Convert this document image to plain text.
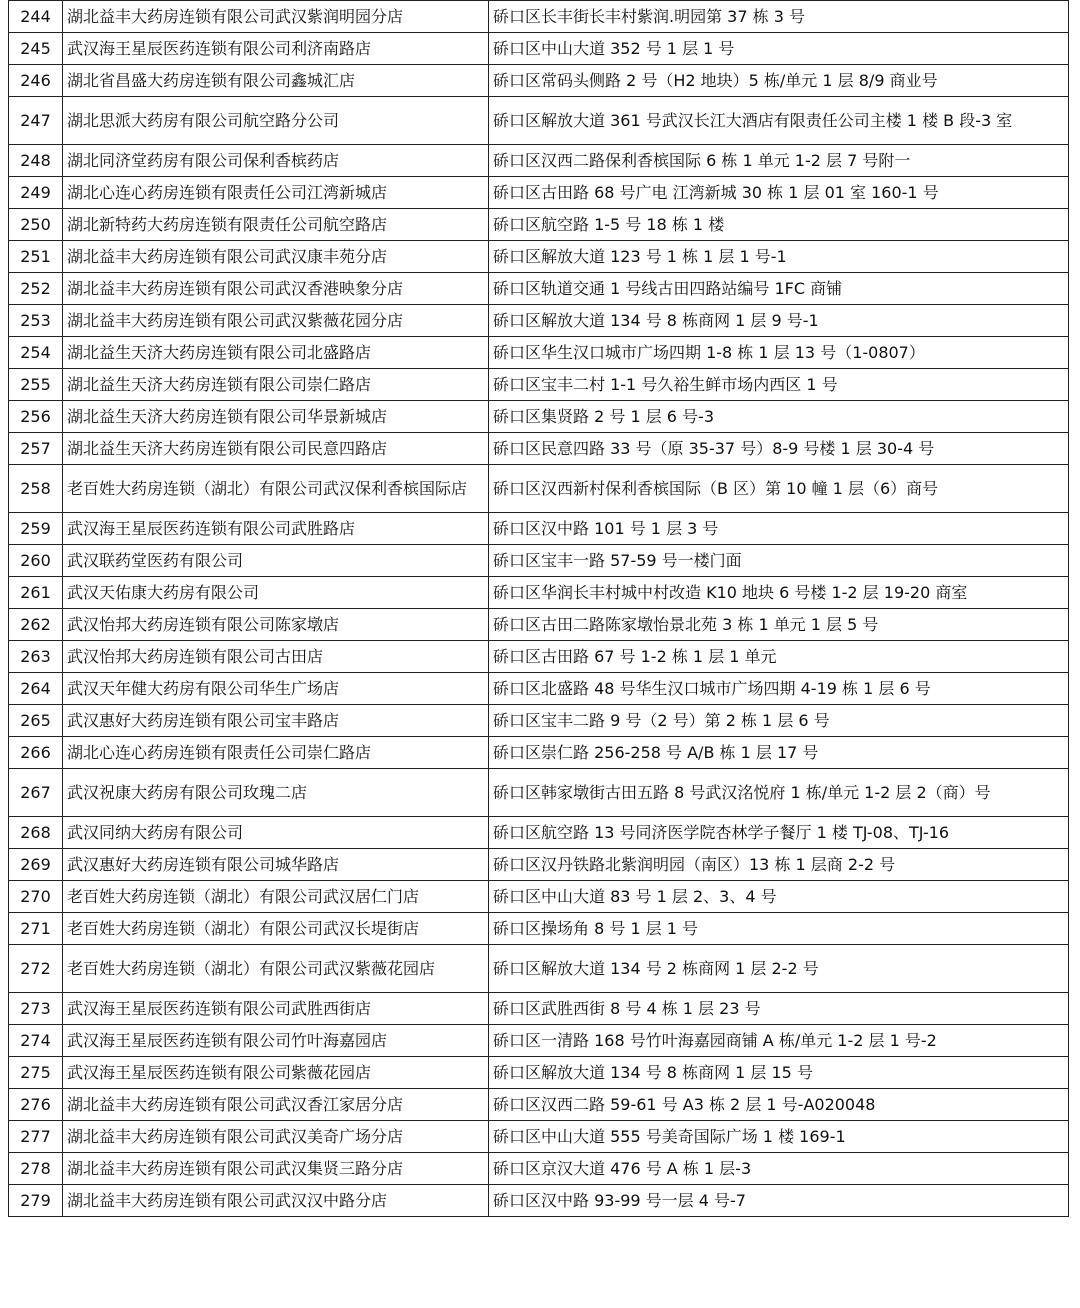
244	湖北益丰大药房连锁有限公司武汉紫润明园分店	硚口区长丰街长丰村紫润.明园第 37 栋 3 号
245	武汉海王星辰医药连锁有限公司利济南路店	硚口区中山大道 352 号 1 层 1 号
246	湖北省昌盛大药房连锁有限公司鑫城汇店	硚口区常码头侧路 2 号（H2 地块）5 栋/单元 1 层 8/9 商业号
247	湖北思派大药房有限公司航空路分公司	硚口区解放大道 361 号武汉长江大酒店有限责任公司主楼 1 楼 B 段-3 室
248	湖北同济堂药房有限公司保利香槟药店	硚口区汉西二路保利香槟国际 6 栋 1 单元 1-2 层 7 号附一
249	湖北心连心药房连锁有限责任公司江湾新城店	硚口区古田路 68 号广电 江湾新城 30 栋 1 层 01 室 160-1 号
250	湖北新特药大药房连锁有限责任公司航空路店	硚口区航空路 1-5 号 18 栋 1 楼
251	湖北益丰大药房连锁有限公司武汉康丰苑分店	硚口区解放大道 123 号 1 栋 1 层 1 号-1
252	湖北益丰大药房连锁有限公司武汉香港映象分店	硚口区轨道交通 1 号线古田四路站编号 1FC 商铺
253	湖北益丰大药房连锁有限公司武汉紫薇花园分店	硚口区解放大道 134 号 8 栋商网 1 层 9 号-1
254	湖北益生天济大药房连锁有限公司北盛路店	硚口区华生汉口城市广场四期 1-8 栋 1 层 13 号（1-0807）
255	湖北益生天济大药房连锁有限公司崇仁路店	硚口区宝丰二村 1-1 号久裕生鲜市场内西区 1 号
256	湖北益生天济大药房连锁有限公司华景新城店	硚口区集贤路 2 号 1 层 6 号-3
257	湖北益生天济大药房连锁有限公司民意四路店	硚口区民意四路 33 号（原 35-37 号）8-9 号楼 1 层 30-4 号
258	老百姓大药房连锁（湖北）有限公司武汉保利香槟国际店	硚口区汉西新村保利香槟国际（B 区）第 10 幢 1 层（6）商号
259	武汉海王星辰医药连锁有限公司武胜路店	硚口区汉中路 101 号 1 层 3 号
260	武汉联药堂医药有限公司	硚口区宝丰一路 57-59 号一楼门面
261	武汉天佑康大药房有限公司	硚口区华润长丰村城中村改造 K10 地块 6 号楼 1-2 层 19-20 商室
262	武汉怡邦大药房连锁有限公司陈家墩店	硚口区古田二路陈家墩怡景北苑 3 栋 1 单元 1 层 5 号
263	武汉怡邦大药房连锁有限公司古田店	硚口区古田路 67 号 1-2 栋 1 层 1 单元
264	武汉天年健大药房有限公司华生广场店	硚口区北盛路 48 号华生汉口城市广场四期 4-19 栋 1 层 6 号
265	武汉惠好大药房连锁有限公司宝丰路店	硚口区宝丰二路 9 号（2 号）第 2 栋 1 层 6 号
266	湖北心连心药房连锁有限责任公司崇仁路店	硚口区崇仁路 256-258 号 A/B 栋 1 层 17 号
267	武汉祝康大药房有限公司玫瑰二店	硚口区韩家墩街古田五路 8 号武汉洺悦府 1 栋/单元 1-2 层 2（商）号
268	武汉同纳大药房有限公司	硚口区航空路 13 号同济医学院杏林学子餐厅 1 楼 TJ-08、TJ-16
269	武汉惠好大药房连锁有限公司城华路店	硚口区汉丹铁路北紫润明园（南区）13 栋 1 层商 2-2 号
270	老百姓大药房连锁（湖北）有限公司武汉居仁门店	硚口区中山大道 83 号 1 层 2、3、4 号
271	老百姓大药房连锁（湖北）有限公司武汉长堤街店	硚口区操场角 8 号 1 层 1 号
272	老百姓大药房连锁（湖北）有限公司武汉紫薇花园店	硚口区解放大道 134 号 2 栋商网 1 层 2-2 号
273	武汉海王星辰医药连锁有限公司武胜西街店	硚口区武胜西街 8 号 4 栋 1 层 23 号
274	武汉海王星辰医药连锁有限公司竹叶海嘉园店	硚口区一清路 168 号竹叶海嘉园商铺 A 栋/单元 1-2 层 1 号-2
275	武汉海王星辰医药连锁有限公司紫薇花园店	硚口区解放大道 134 号 8 栋商网 1 层 15 号
276	湖北益丰大药房连锁有限公司武汉香江家居分店	硚口区汉西二路 59-61 号 A3 栋 2 层 1 号-A020048
277	湖北益丰大药房连锁有限公司武汉美奇广场分店	硚口区中山大道 555 号美奇国际广场 1 楼 169-1
278	湖北益丰大药房连锁有限公司武汉集贤三路分店	硚口区京汉大道 476 号 A 栋 1 层-3
279	湖北益丰大药房连锁有限公司武汉汉中路分店	硚口区汉中路 93-99 号一层 4 号-7
